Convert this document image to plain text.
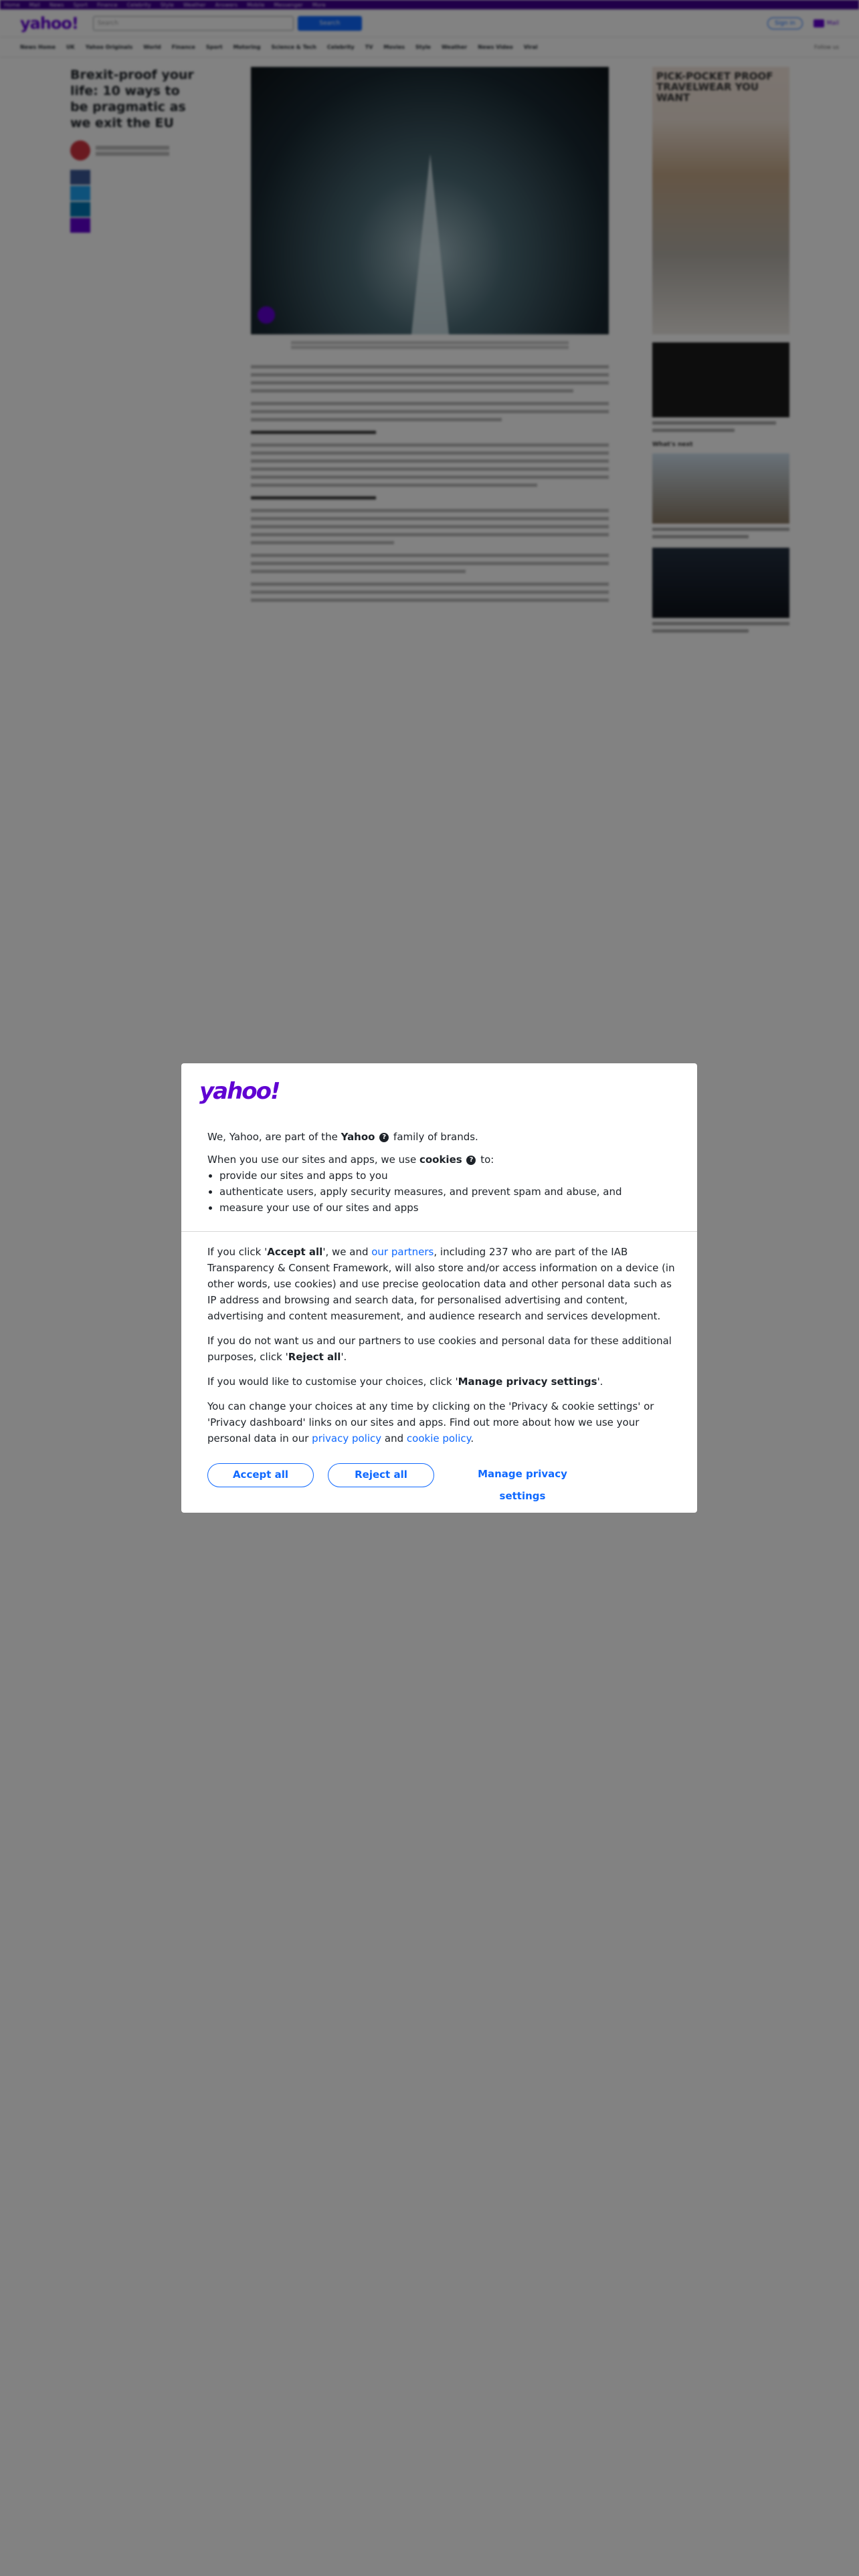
Home Mail News Sport Finance Celebrity Style Weather Answers Mobile Messenger More
yahoo!	Search	Search	Sign in	Mail
News Home UK Yahoo Originals World Finance Sport Motoring Science & Tech Celebrity TV Movies Style Weather News Video Viral	Follow us
Brexit-proof your life: 10 ways to be pragmatic as we exit the EU
PICK-POCKET PROOF TRAVELWEAR YOU WANT
What's next
yahoo!

We, Yahoo, are part of the Yahoo ? family of brands.

When you use our sites and apps, we use cookies ? to:

• provide our sites and apps to you
• authenticate users, apply security measures, and prevent spam and abuse, and
• measure your use of our sites and apps

If you click 'Accept all', we and our partners, including 237 who are part of the IAB Transparency & Consent Framework, will also store and/or access information on a device (in other words, use cookies) and use precise geolocation data and other personal data such as IP address and browsing and search data, for personalised advertising and content, advertising and content measurement, and audience research and services development.

If you do not want us and our partners to use cookies and personal data for these additional purposes, click 'Reject all'.

If you would like to customise your choices, click 'Manage privacy settings'.

You can change your choices at any time by clicking on the 'Privacy & cookie settings' or 'Privacy dashboard' links on our sites and apps. Find out more about how we use your personal data in our privacy policy and cookie policy.

Accept all	Reject all	Manage privacy settings
